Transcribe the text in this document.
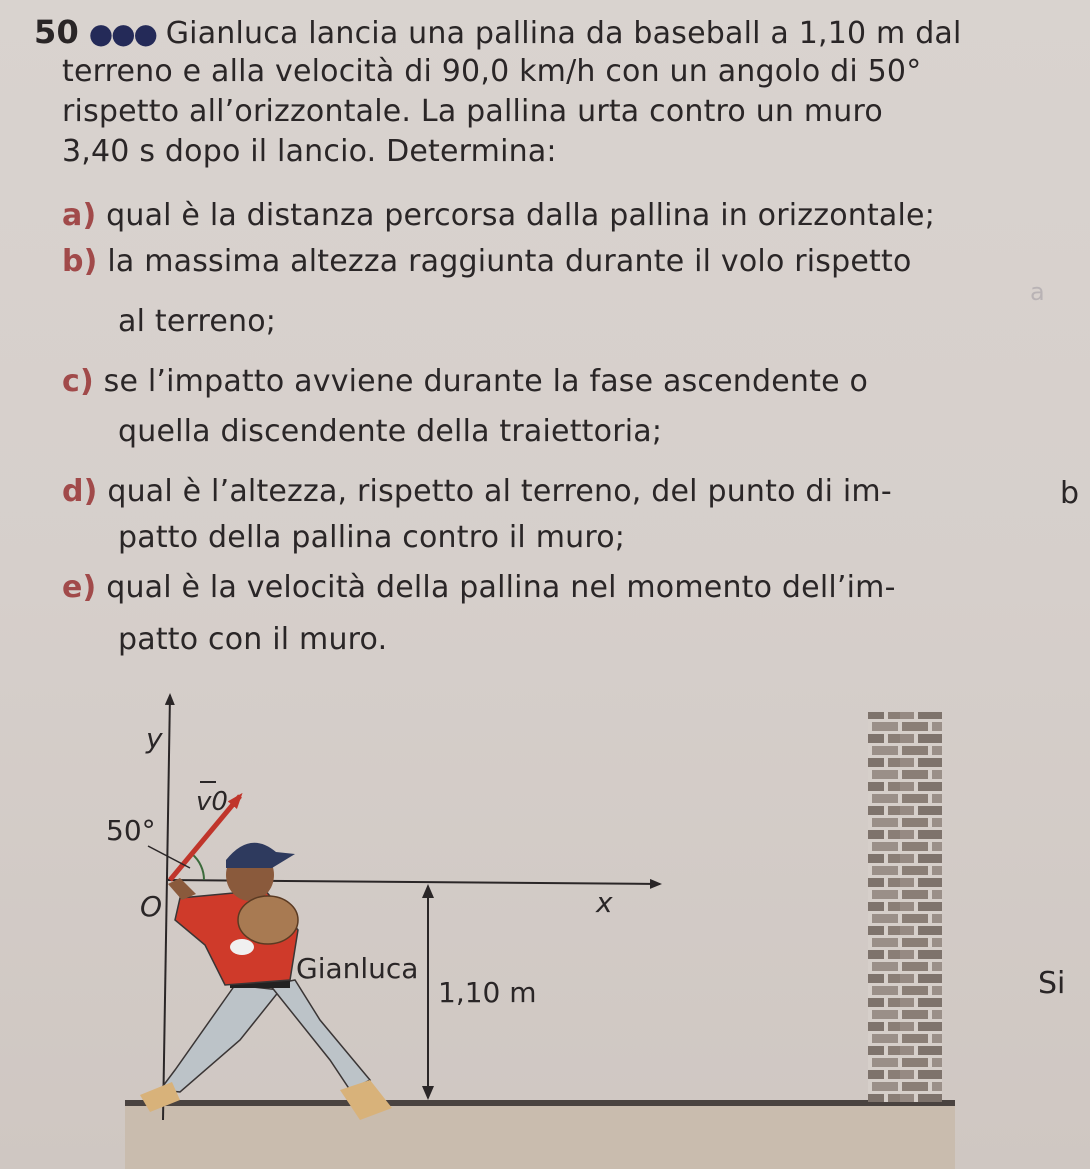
50 ●●● Gianluca lancia una pallina da baseball a 1,10 m dal
terreno e alla velocità di 90,0 km/h con un angolo di 50°
rispetto all’orizzontale. La pallina urta contro un muro
3,40 s dopo il lancio. Determina:
a) qual è la distanza percorsa dalla pallina in orizzontale;
b) la massima altezza raggiunta durante il volo rispetto
al terreno;
c) se l’impatto avviene durante la fase ascendente o
quella discendente della traiettoria;
d) qual è l’altezza, rispetto al terreno, del punto di im-
patto della pallina contro il muro;
e) qual è la velocità della pallina nel momento dell’im-
patto con il muro.
a
b
Si
y
x
O
v0
50°
Gianluca
1,10 m
